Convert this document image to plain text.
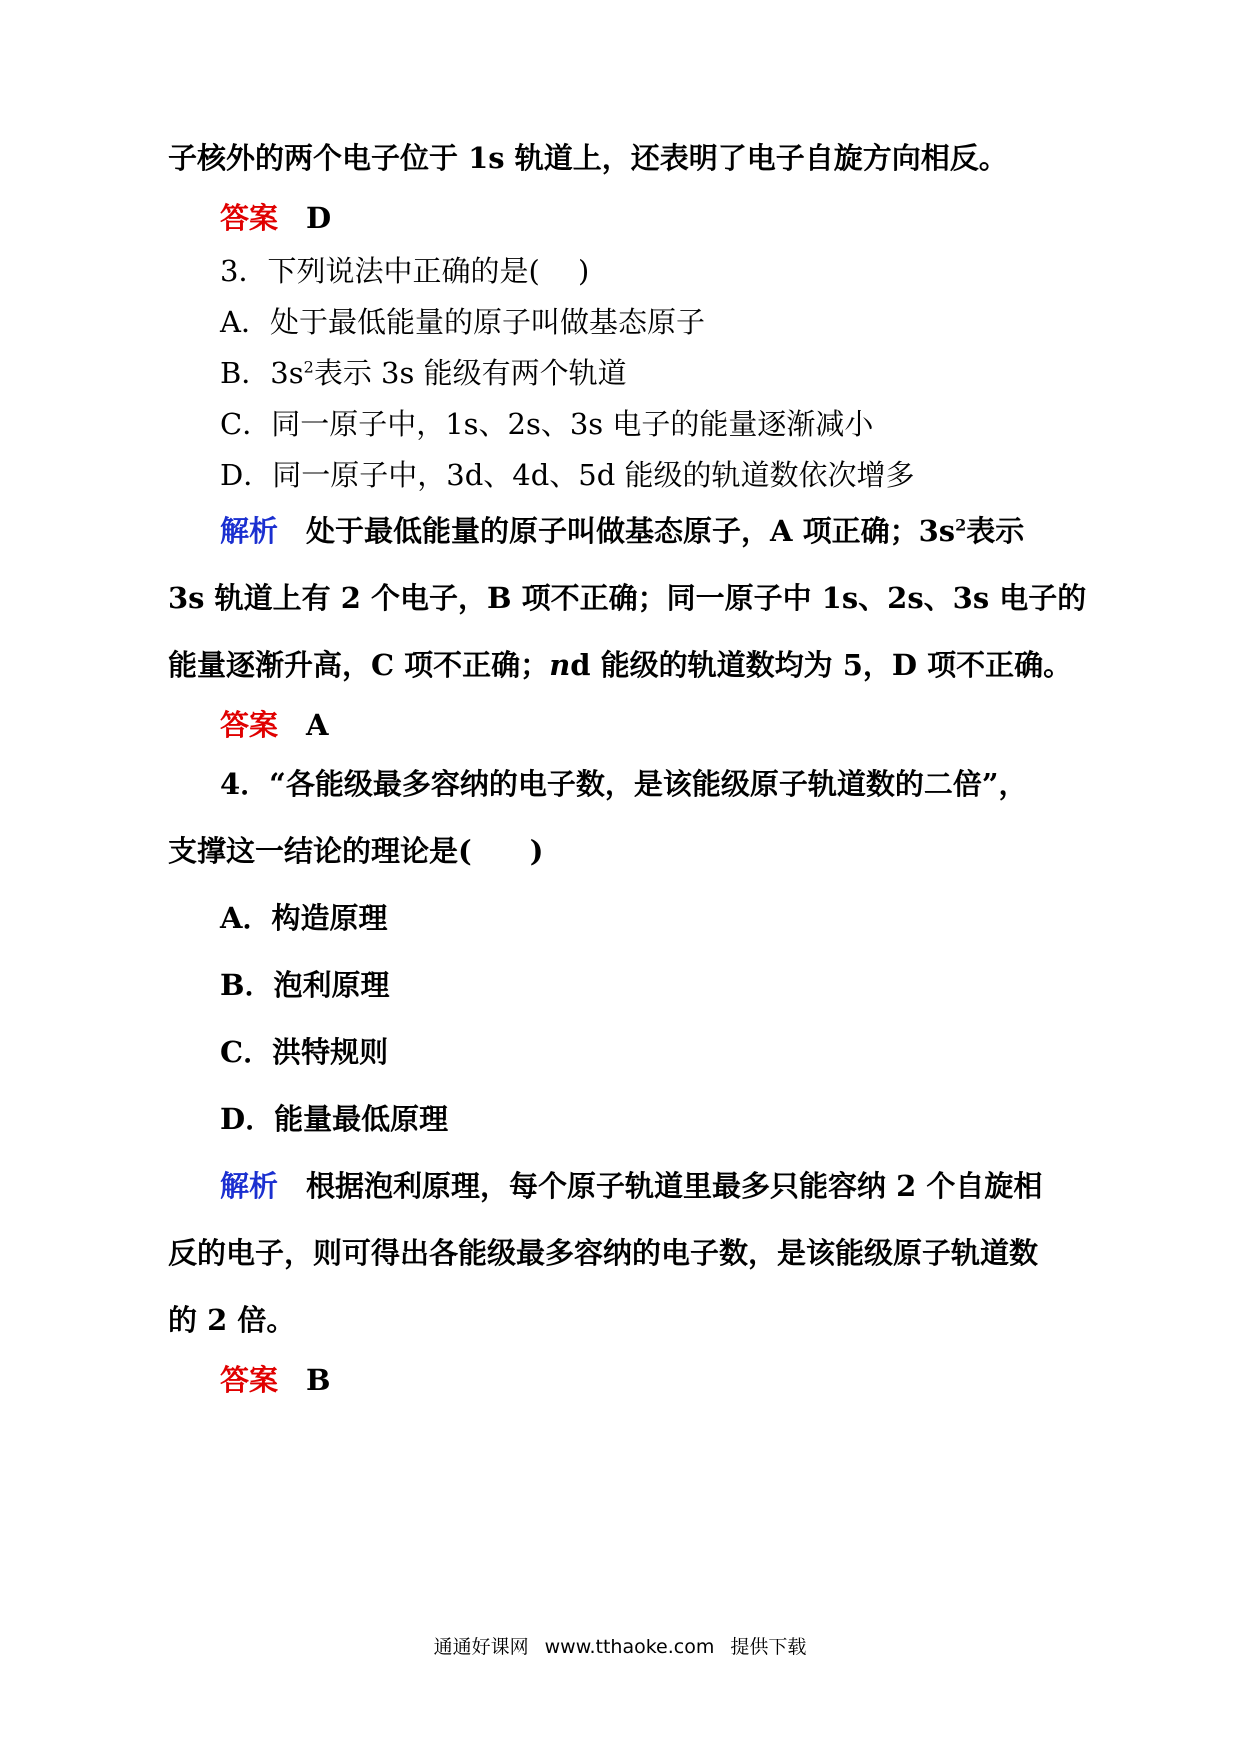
子核外的两个电子位于 1s 轨道上，还表明了电子自旋方向相反。
答案 D
3．下列说法中正确的是(　 )
A．处于最低能量的原子叫做基态原子
B．$3s^2$表示 3s 能级有两个轨道
C．同一原子中，1s、2s、3s 电子的能量逐渐减小
D．同一原子中，3d、4d、5d 能级的轨道数依次增多
解析 处于最低能量的原子叫做基态原子，A 项正确；$3s^2$表示
3s 轨道上有 2 个电子，B 项不正确；同一原子中 1s、2s、3s 电子的
能量逐渐升高，C 项不正确；nd 能级的轨道数均为 5，D 项不正确。
答案 A
4．“各能级最多容纳的电子数，是该能级原子轨道数的二倍”，
支撑这一结论的理论是(　　)
A．构造原理
B．泡利原理
C．洪特规则
D．能量最低原理
解析 根据泡利原理，每个原子轨道里最多只能容纳 2 个自旋相
反的电子，则可得出各能级最多容纳的电子数，是该能级原子轨道数
的 2 倍。
答案 B
通通好课网 www.tthaoke.com 提供下载
